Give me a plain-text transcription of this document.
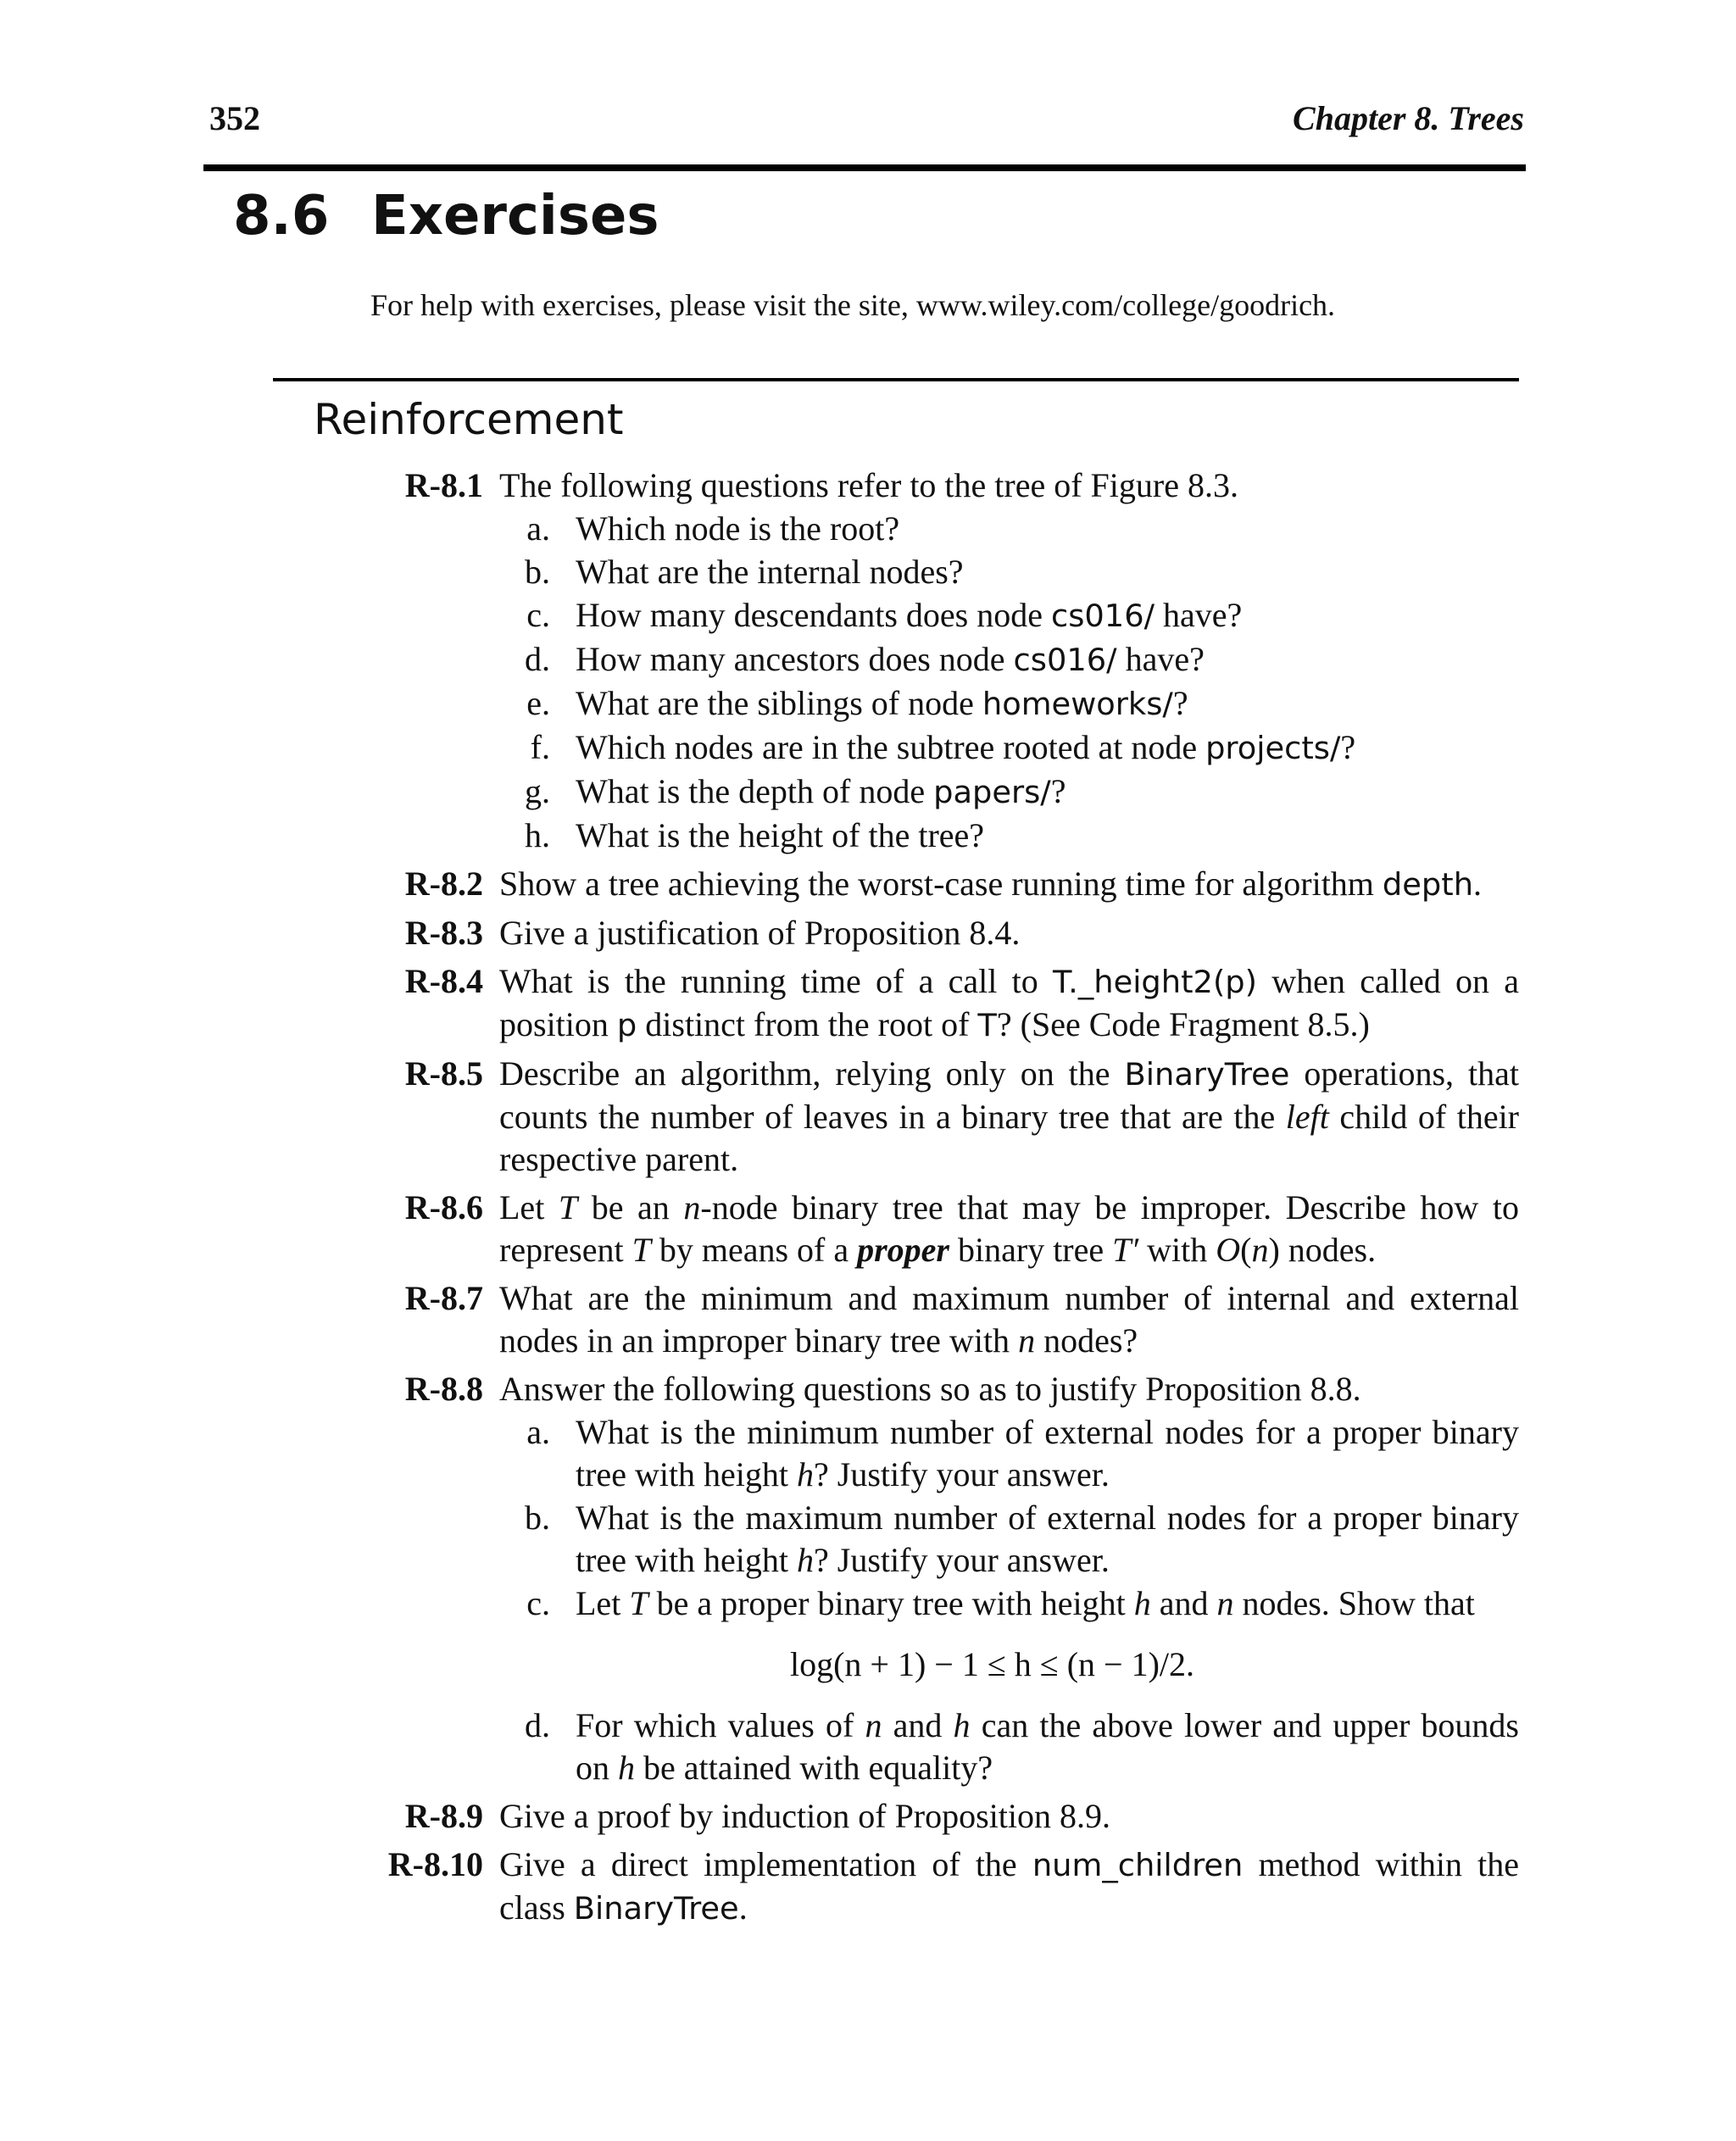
352	Chapter 8. Trees
8.6 Exercises
For help with exercises, please visit the site, www.wiley.com/college/goodrich.
Reinforcement
R-8.1 The following questions refer to the tree of Figure 8.3.
a. Which node is the root?
b. What are the internal nodes?
c. How many descendants does node cs016/ have?
d. How many ancestors does node cs016/ have?
e. What are the siblings of node homeworks/?
f. Which nodes are in the subtree rooted at node projects/?
g. What is the depth of node papers/?
h. What is the height of the tree?
R-8.2 Show a tree achieving the worst-case running time for algorithm depth.
R-8.3 Give a justification of Proposition 8.4.
R-8.4 What is the running time of a call to T._height2(p) when called on a position p distinct from the root of T? (See Code Fragment 8.5.)
R-8.5 Describe an algorithm, relying only on the BinaryTree operations, that counts the number of leaves in a binary tree that are the left child of their respective parent.
R-8.6 Let T be an n-node binary tree that may be improper. Describe how to represent T by means of a proper binary tree T′ with O(n) nodes.
R-8.7 What are the minimum and maximum number of internal and external nodes in an improper binary tree with n nodes?
R-8.8 Answer the following questions so as to justify Proposition 8.8.
a. What is the minimum number of external nodes for a proper binary tree with height h? Justify your answer.
b. What is the maximum number of external nodes for a proper binary tree with height h? Justify your answer.
c. Let T be a proper binary tree with height h and n nodes. Show that
log(n + 1) − 1 ≤ h ≤ (n − 1)/2.
d. For which values of n and h can the above lower and upper bounds on h be attained with equality?
R-8.9 Give a proof by induction of Proposition 8.9.
R-8.10 Give a direct implementation of the num_children method within the class BinaryTree.
